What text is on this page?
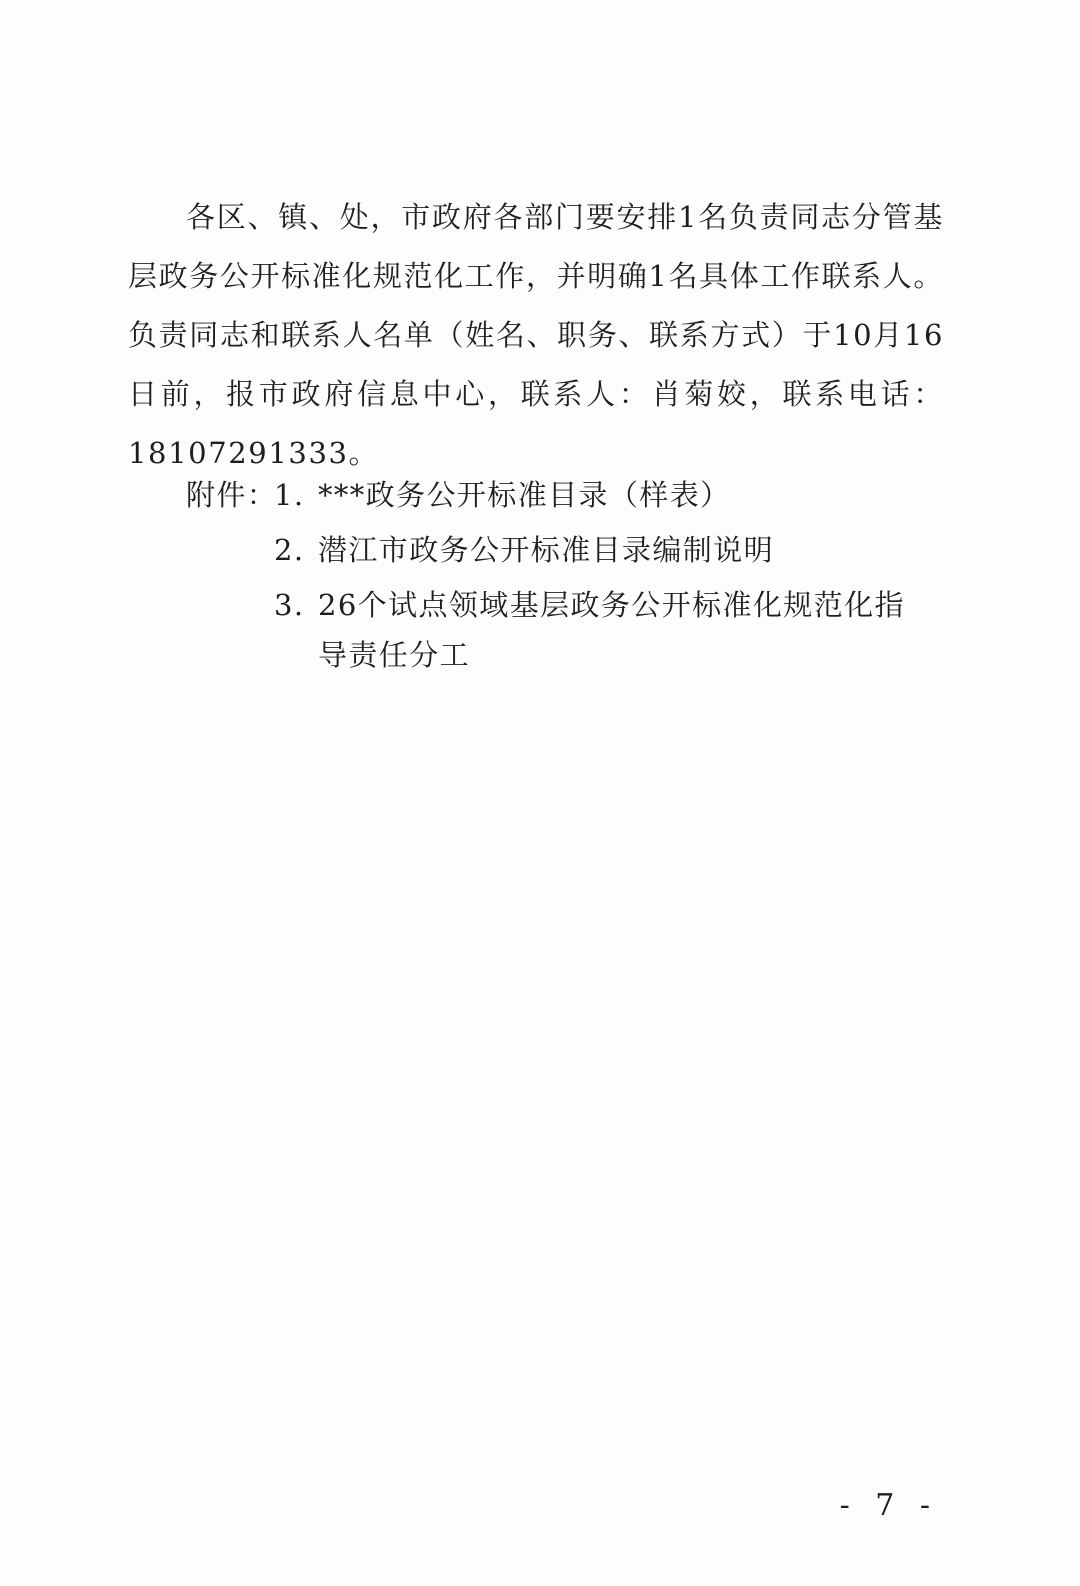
各区、镇、处，市政府各部门要安排1名负责同志分管基层政务公开标准化规范化工作，并明确1名具体工作联系人。负责同志和联系人名单（姓名、职务、联系方式）于10月16日前，报市政府信息中心，联系人：肖菊姣，联系电话：18107291333。

附件：
1. ***政务公开标准目录（样表）
2. 潜江市政务公开标准目录编制说明
3. 26个试点领域基层政务公开标准化规范化指导责任分工
- 7 -
